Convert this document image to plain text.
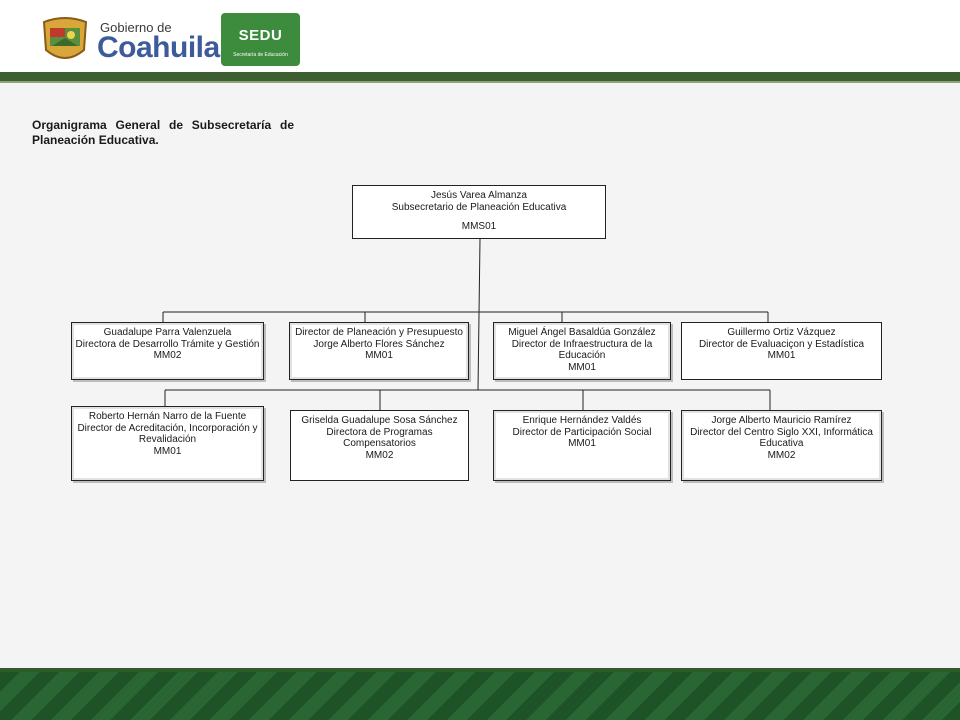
Gobierno de
Coahuila	SEDU
Secretaría de Educación
Organigrama General de Subsecretaría de Planeación Educativa.
Jesús Varea Almanza
Subsecretario de Planeación Educativa
MMS01
Guadalupe Parra Valenzuela
Directora de Desarrollo Trámite y Gestión
MM02
Director de Planeación y Presupuesto
Jorge Alberto Flores Sánchez
MM01
Miguel Ángel Basaldúa González
Director de Infraestructura de la Educación
MM01
Guillermo Ortiz Vázquez
Director de Evaluaciçon y Estadística
MM01
Roberto Hernán Narro de la Fuente
Director de Acreditación, Incorporación y Revalidación
MM01
Griselda Guadalupe Sosa Sánchez
Directora de Programas Compensatorios
MM02
Enrique Hernández Valdés
Director de Participación Social
MM01
Jorge Alberto Mauricio Ramírez
Director del Centro Siglo XXI, Informática Educativa
MM02
